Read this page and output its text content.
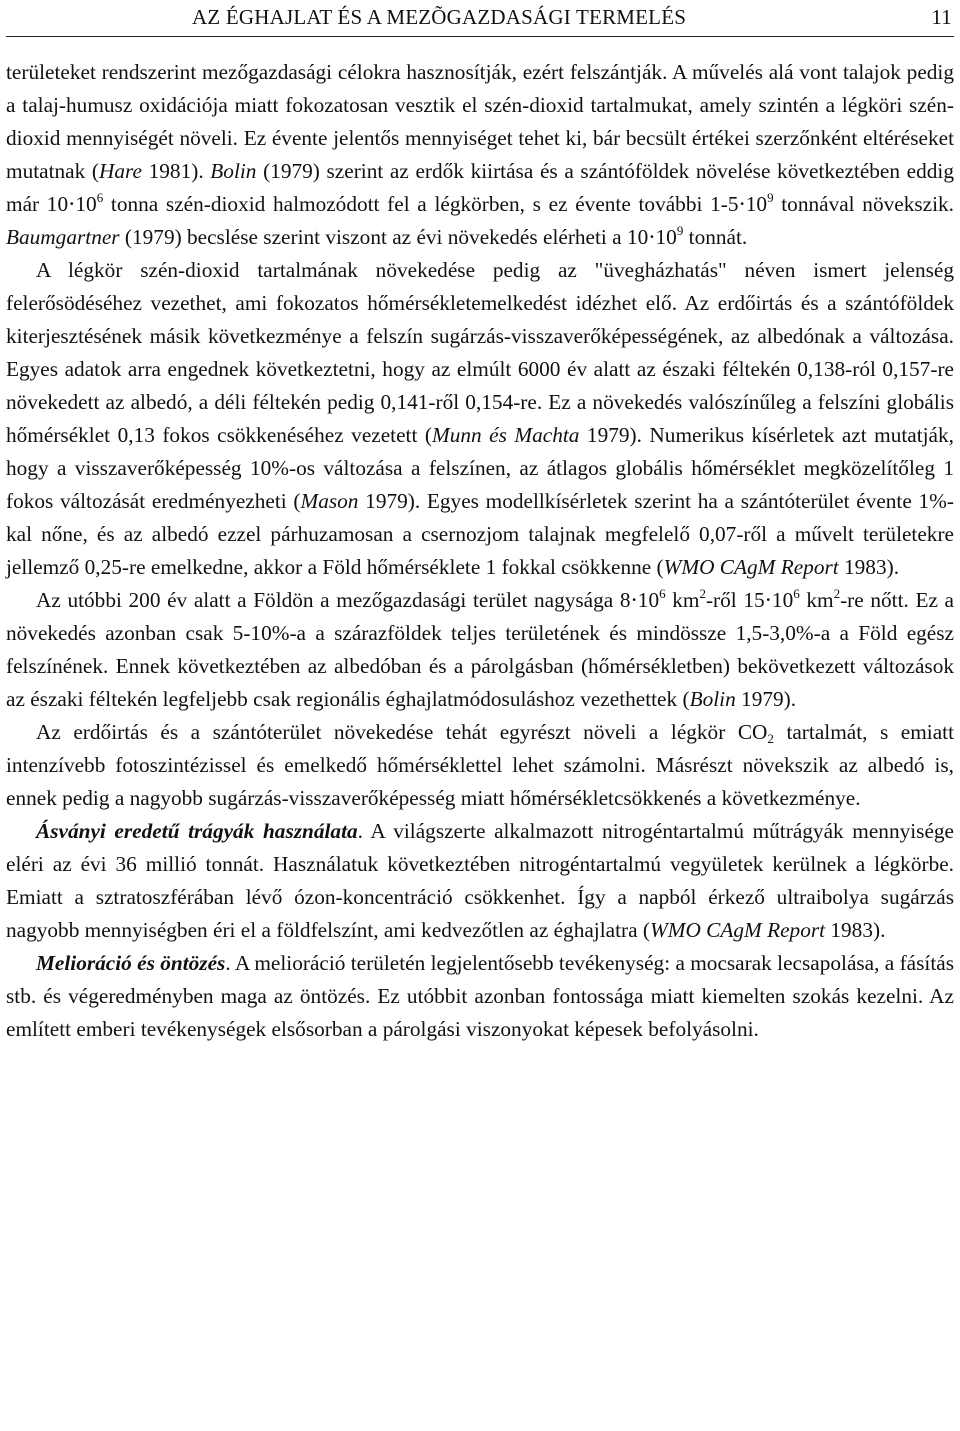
AZ ÉGHAJLAT ÉS A MEZÕGAZDASÁGI TERMELÉS	11

területeket rendszerint mezőgazdasági célokra hasznosítják, ezért felszántják. A művelés alá vont talajok pedig a talaj-humusz oxidációja miatt fokozatosan vesztik el szén-dioxid tartalmukat, amely szintén a légköri szén-dioxid mennyiségét növeli. Ez évente jelentős mennyiséget tehet ki, bár becsült értékei szerzőnként eltéréseket mutatnak (Hare 1981). Bolin (1979) szerint az erdők kiirtása és a szántóföldek növelése következtében eddig már $10\cdot 10^6$ tonna szén-dioxid halmozódott fel a légkörben, s ez évente további $1-5\cdot 10^9$ tonnával növekszik. Baumgartner (1979) becslése szerint viszont az évi növekedés elérheti a $10\cdot 10^9$ tonnát.

A légkör szén-dioxid tartalmának növekedése pedig az "üvegházhatás" néven ismert jelenség felerősödéséhez vezethet, ami fokozatos hőmérsékletemelkedést idézhet elő. Az erdőirtás és a szántóföldek kiterjesztésének másik következménye a felszín sugárzás-visszaverőképességének, az albedónak a változása. Egyes adatok arra engednek következtetni, hogy az elmúlt 6000 év alatt az északi féltekén 0,138-ról 0,157-re növekedett az albedó, a déli féltekén pedig 0,141-ről 0,154-re. Ez a növekedés valószínűleg a felszíni globális hőmérséklet 0,13 fokos csökkenéséhez vezetett (Munn és Machta 1979). Numerikus kísérletek azt mutatják, hogy a visszaverőképesség 10%-os változása a felszínen, az átlagos globális hőmérséklet megközelítőleg 1 fokos változását eredményezheti (Mason 1979). Egyes modellkísérletek szerint ha a szántóterület évente 1%-kal nőne, és az albedó ezzel párhuzamosan a csernozjom talajnak megfelelő 0,07-ről a művelt területekre jellemző 0,25-re emelkedne, akkor a Föld hőmérséklete 1 fokkal csökkenne (WMO CAgM Report 1983).

Az utóbbi 200 év alatt a Földön a mezőgazdasági terület nagysága $8\cdot 10^6$ $km^2$-ről $15\cdot 10^6$ $km^2-re$ nőtt. Ez a növekedés azonban csak 5-10%-a a szárazföldek teljes területének és mindössze 1,5-3,0%-a a Föld egész felszínének. Ennek következtében az albedóban és a párolgásban (hőmérsékletben) bekövetkezett változások az északi féltekén legfeljebb csak regionális éghajlatmódosuláshoz vezethettek (Bolin 1979).

Az erdőirtás és a szántóterület növekedése tehát egyrészt növeli a légkör $CO_2$ tartalmát, s emiatt intenzívebb fotoszintézissel és emelkedő hőmérséklettel lehet számolni. Másrészt növekszik az albedó is, ennek pedig a nagyobb sugárzás-visszaverőképesség miatt hőmérsékletcsökkenés a következménye.

Ásványi eredetű trágyák használata. A világszerte alkalmazott nitrogéntartalmú műtrágyák mennyisége eléri az évi 36 millió tonnát. Használatuk következtében nitrogéntartalmú vegyületek kerülnek a légkörbe. Emiatt a sztratoszférában lévő ózon-koncentráció csökkenhet. Így a napból érkező ultraibolya sugárzás nagyobb mennyiségben éri el a földfelszínt, ami kedvezőtlen az éghajlatra (WMO CAgM Report 1983).

Melioráció és öntözés. A melioráció területén legjelentősebb tevékenység: a mocsarak lecsapolása, a fásítás stb. és végeredményben maga az öntözés. Ez utóbbit azonban fontossága miatt kiemelten szokás kezelni. Az említett emberi tevékenységek elsősorban a párolgási viszonyokat képesek befolyásolni.
